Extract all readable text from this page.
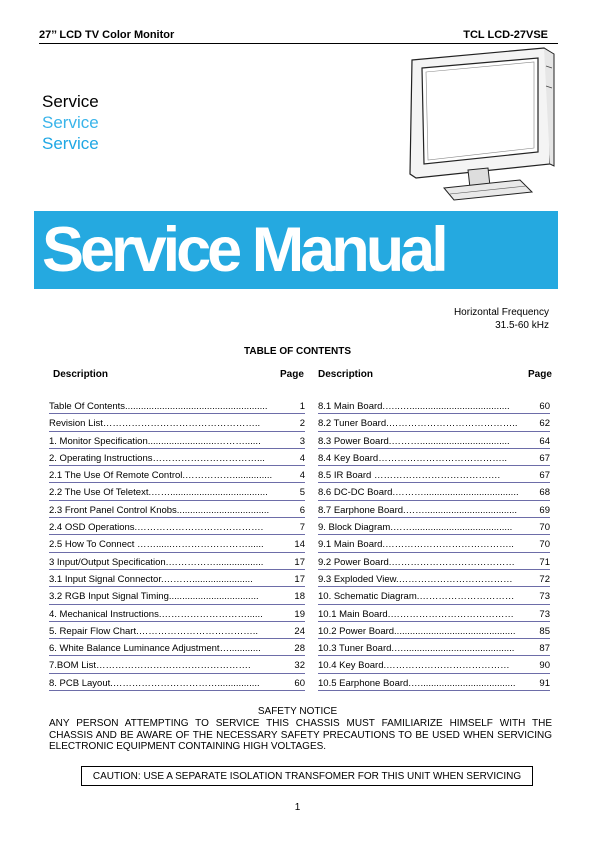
27’’ LCD TV Color Monitor	TCL LCD-27VSE
Service
Service
Service
Service Manual
Horizontal Frequency
31.5-60 kHz
TABLE OF CONTENTS
Description	Page Description	Page
Table Of Contents......................................................	1
Revision List…………………………………………..	2
1. Monitor Specification..........................………......	3
2. Operating Instructions……………………………...	4
2.1 The Use Of Remote Control.……………...............	4
2.2 The Use Of Teletext.…….....................................	5
2.3 Front Panel Control Knobs...................................	6
2.4 OSD Operations.………………………………….	7
2.5 How To Connect ……......……………………......	14
3 Input/Output Specification.……………..................	17
3.1 Input Signal Connector.……….......................	17
3.2 RGB Input Signal Timing..................................	18
4. Mechanical Instructions.………………………......	19
5. Repair Flow Chart.………………………………..	24
6. White Balance Luminance Adjustment…............	28
7.BOM List………………………………………….	32
8. PCB Layout.……………………………................	60
8.1 Main Board.…..…......................................	60
8.2 Tuner Board.………………………………….. 62
8.3 Power Board.………..................................	64
8.4 Key Board…………………………………..	67
8.5 IR Board ………………………………….	67
8.6 DC-DC Board.……….................................... 68
8.7 Earphone Board.……................................... 69
9. Block Diagram.……......................................	70
9.1 Main Board.…………………………………..	70
9.2 Power Board.…………………………………	71
9.3 Exploded View.………………………………	72
10. Schematic Diagram.…………………………	73
10.1 Main Board.…………………………………	73
10.2 Power Board..............................................	85
10.3 Tuner Board.…..........................................	87
10.4 Key Board.…………………………………	90
10.5 Earphone Board.…....................................	91
SAFETY NOTICE
ANY PERSON ATTEMPTING TO SERVICE THIS CHASSIS MUST FAMILIARIZE HIMSELF WITH THE CHASSIS AND BE AWARE OF THE NECESSARY SAFETY PRECAUTIONS TO BE USED WHEN SERVICING ELECTRONIC EQUIPMENT CONTAINING HIGH VOLTAGES.
CAUTION: USE A SEPARATE ISOLATION TRANSFOMER FOR THIS UNIT WHEN SERVICING
1
